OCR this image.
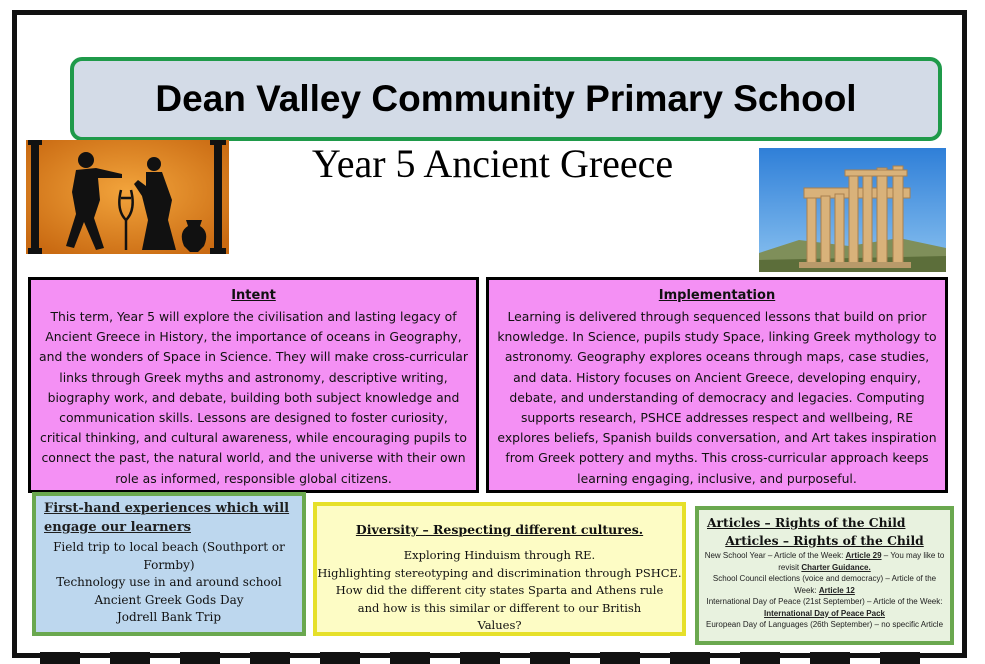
Dean Valley Community Primary School
Year 5 Ancient Greece
Intent
This term, Year 5 will explore the civilisation and lasting legacy of Ancient Greece in History, the importance of oceans in Geography, and the wonders of Space in Science. They will make cross-curricular links through Greek myths and astronomy, descriptive writing, biography work, and debate, building both subject knowledge and communication skills. Lessons are designed to foster curiosity, critical thinking, and cultural awareness, while encouraging pupils to connect the past, the natural world, and the universe with their own role as informed, responsible global citizens.
Implementation
Learning is delivered through sequenced lessons that build on prior knowledge. In Science, pupils study Space, linking Greek mythology to astronomy. Geography explores oceans through maps, case studies, and data. History focuses on Ancient Greece, developing enquiry, debate, and understanding of democracy and legacies. Computing supports research, PSHCE addresses respect and wellbeing, RE explores beliefs, Spanish builds conversation, and Art takes inspiration from Greek pottery and myths. This cross-curricular approach keeps learning engaging, inclusive, and purposeful.
First-hand experiences which will
engage our learners
Field trip to local beach (Southport or Formby)
Technology use in and around school
Ancient Greek Gods Day
Jodrell Bank Trip
Diversity – Respecting different cultures.
Exploring Hinduism through RE.
Highlighting stereotyping and discrimination through PSHCE.
How did the different city states Sparta and Athens rule and how is this similar or different to our British Values?
Articles – Rights of the Child
Articles – Rights of the Child
New School Year – Article of the Week: Article 29 – You may like to revisit Charter Guidance.
School Council elections (voice and democracy) – Article of the Week: Article 12
International Day of Peace (21st September) – Article of the Week: International Day of Peace Pack
European Day of Languages (26th September) – no specific Article
